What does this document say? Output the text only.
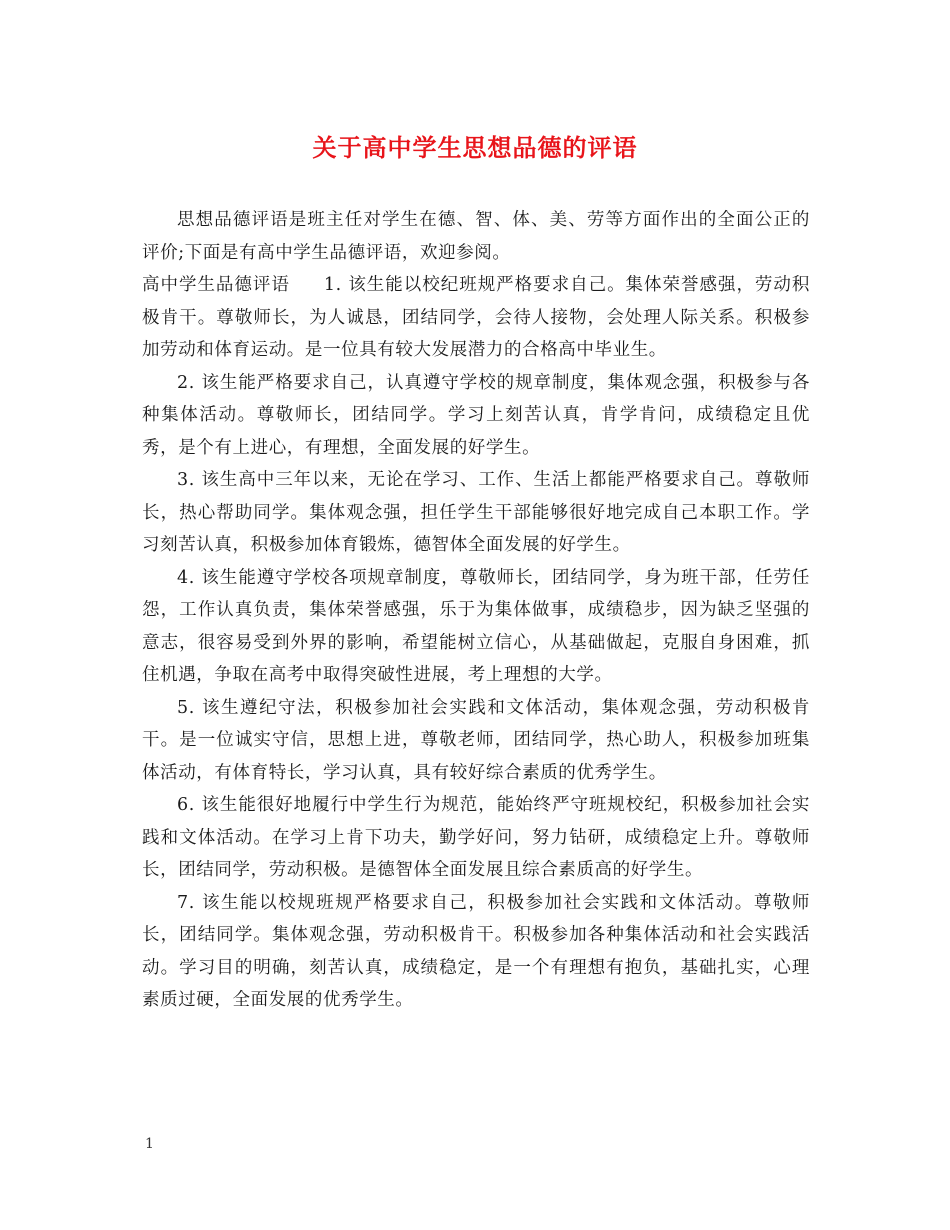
关于高中学生思想品德的评语

思想品德评语是班主任对学生在德、智、体、美、劳等方面作出的全面公正的评价;下面是有高中学生品德评语，欢迎参阅。

高中学生品德评语 1. 该生能以校纪班规严格要求自己。集体荣誉感强，劳动积极肯干。尊敬师长，为人诚恳，团结同学，会待人接物，会处理人际关系。积极参加劳动和体育运动。是一位具有较大发展潜力的合格高中毕业生。

2. 该生能严格要求自己，认真遵守学校的规章制度，集体观念强，积极参与各种集体活动。尊敬师长，团结同学。学习上刻苦认真，肯学肯问，成绩稳定且优秀，是个有上进心，有理想，全面发展的好学生。

3. 该生高中三年以来，无论在学习、工作、生活上都能严格要求自己。尊敬师长，热心帮助同学。集体观念强，担任学生干部能够很好地完成自己本职工作。学习刻苦认真，积极参加体育锻炼，德智体全面发展的好学生。

4. 该生能遵守学校各项规章制度，尊敬师长，团结同学，身为班干部，任劳任怨，工作认真负责，集体荣誉感强，乐于为集体做事，成绩稳步，因为缺乏坚强的意志，很容易受到外界的影响，希望能树立信心，从基础做起，克服自身困难，抓住机遇，争取在高考中取得突破性进展，考上理想的大学。

5. 该生遵纪守法，积极参加社会实践和文体活动，集体观念强，劳动积极肯干。是一位诚实守信，思想上进，尊敬老师，团结同学，热心助人，积极参加班集体活动，有体育特长，学习认真，具有较好综合素质的优秀学生。

6. 该生能很好地履行中学生行为规范，能始终严守班规校纪，积极参加社会实践和文体活动。在学习上肯下功夫，勤学好问，努力钻研，成绩稳定上升。尊敬师长，团结同学，劳动积极。是德智体全面发展且综合素质高的好学生。

7. 该生能以校规班规严格要求自己，积极参加社会实践和文体活动。尊敬师长，团结同学。集体观念强，劳动积极肯干。积极参加各种集体活动和社会实践活动。学习目的明确，刻苦认真，成绩稳定，是一个有理想有抱负，基础扎实，心理素质过硬，全面发展的优秀学生。

1
